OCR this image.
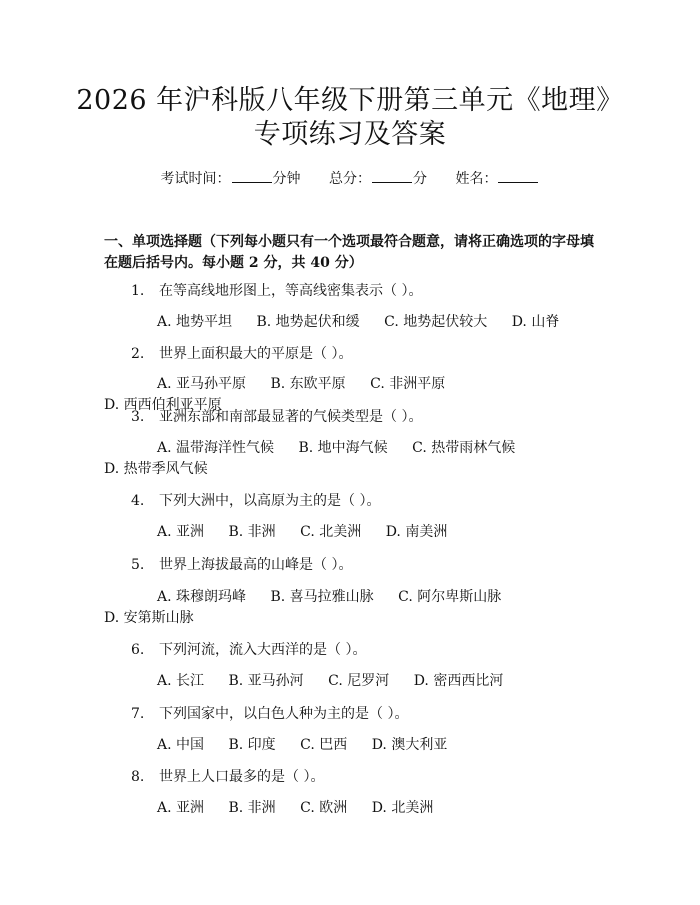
2026 年沪科版八年级下册第三单元《地理》
专项练习及答案
考试时间：	分钟 总分：	分 姓名：
一、单项选择题（下列每小题只有一个选项最符合题意，请将正确选项的字母填在题后括号内。每小题 2 分，共 40 分）
1. 在等高线地形图上，等高线密集表示（ ）。
A. 地势平坦 B. 地势起伏和缓 C. 地势起伏较大 D. 山脊
2. 世界上面积最大的平原是（ ）。
A. 亚马孙平原 B. 东欧平原 C. 非洲平原 D. 西西伯利亚平原
3. 亚洲东部和南部最显著的气候类型是（ ）。
A. 温带海洋性气候 B. 地中海气候 C. 热带雨林气候 D. 热带季风气候
4. 下列大洲中，以高原为主的是（ ）。
A. 亚洲 B. 非洲 C. 北美洲 D. 南美洲
5. 世界上海拔最高的山峰是（ ）。
A. 珠穆朗玛峰 B. 喜马拉雅山脉 C. 阿尔卑斯山脉 D. 安第斯山脉
6. 下列河流，流入大西洋的是（ ）。
A. 长江 B. 亚马孙河 C. 尼罗河 D. 密西西比河
7. 下列国家中，以白色人种为主的是（ ）。
A. 中国 B. 印度 C. 巴西 D. 澳大利亚
8. 世界上人口最多的是（ ）。
A. 亚洲 B. 非洲 C. 欧洲 D. 北美洲
